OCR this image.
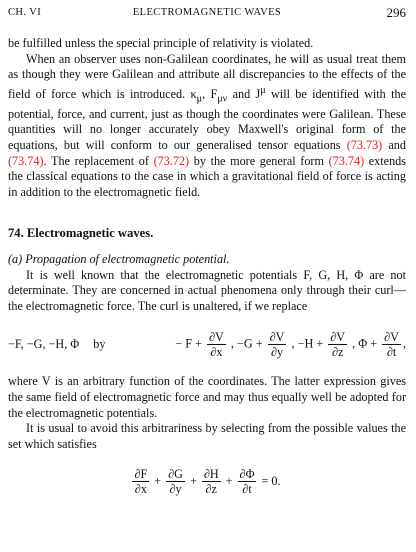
CH. VI	ELECTROMAGNETIC WAVES	296

be fulfilled unless the special principle of relativity is violated.

When an observer uses non-Galilean coordinates, he will as usual treat them as though they were Galilean and attribute all discrepancies to the effects of the field of force which is introduced. $\kappa_\mu$, $F_{\mu\nu}$ and $J^\mu$ will be identified with the potential, force, and current, just as though the coordinates were Galilean. These quantities will no longer accurately obey Maxwell's original form of the equations, but will conform to our generalised tensor equations (73.73) and (73.74). The replacement of (73.72) by the more general form (73.74) extends the classical equations to the case in which a gravitational field of force is acting in addition to the electromagnetic field.

74. Electromagnetic waves.

(a) Propagation of electromagnetic potential.

It is well known that the electromagnetic potentials F, G, H, Φ are not determinate. They are concerned in actual phenomena only through their curl—the electromagnetic force. The curl is unaltered, if we replace

−F, −G, −H, Φ by	− $F + \frac{\partial V}{\partial x}$ , $-G + \frac{\partial V}{\partial y}$ , $-H + \frac{\partial V}{\partial z}$ , $\Phi + \frac{\partial V}{\partial t}$ ,

where V is an arbitrary function of the coordinates. The latter expression gives the same field of electromagnetic force and may thus equally well be adopted for the electromagnetic potentials.

It is usual to avoid this arbitrariness by selecting from the possible values the set which satisfies

$\frac{\partial F}{\partial x} + \frac{\partial G}{\partial y} + \frac{\partial H}{\partial z} + \frac{\partial\Phi}{\partial t} = 0$.
